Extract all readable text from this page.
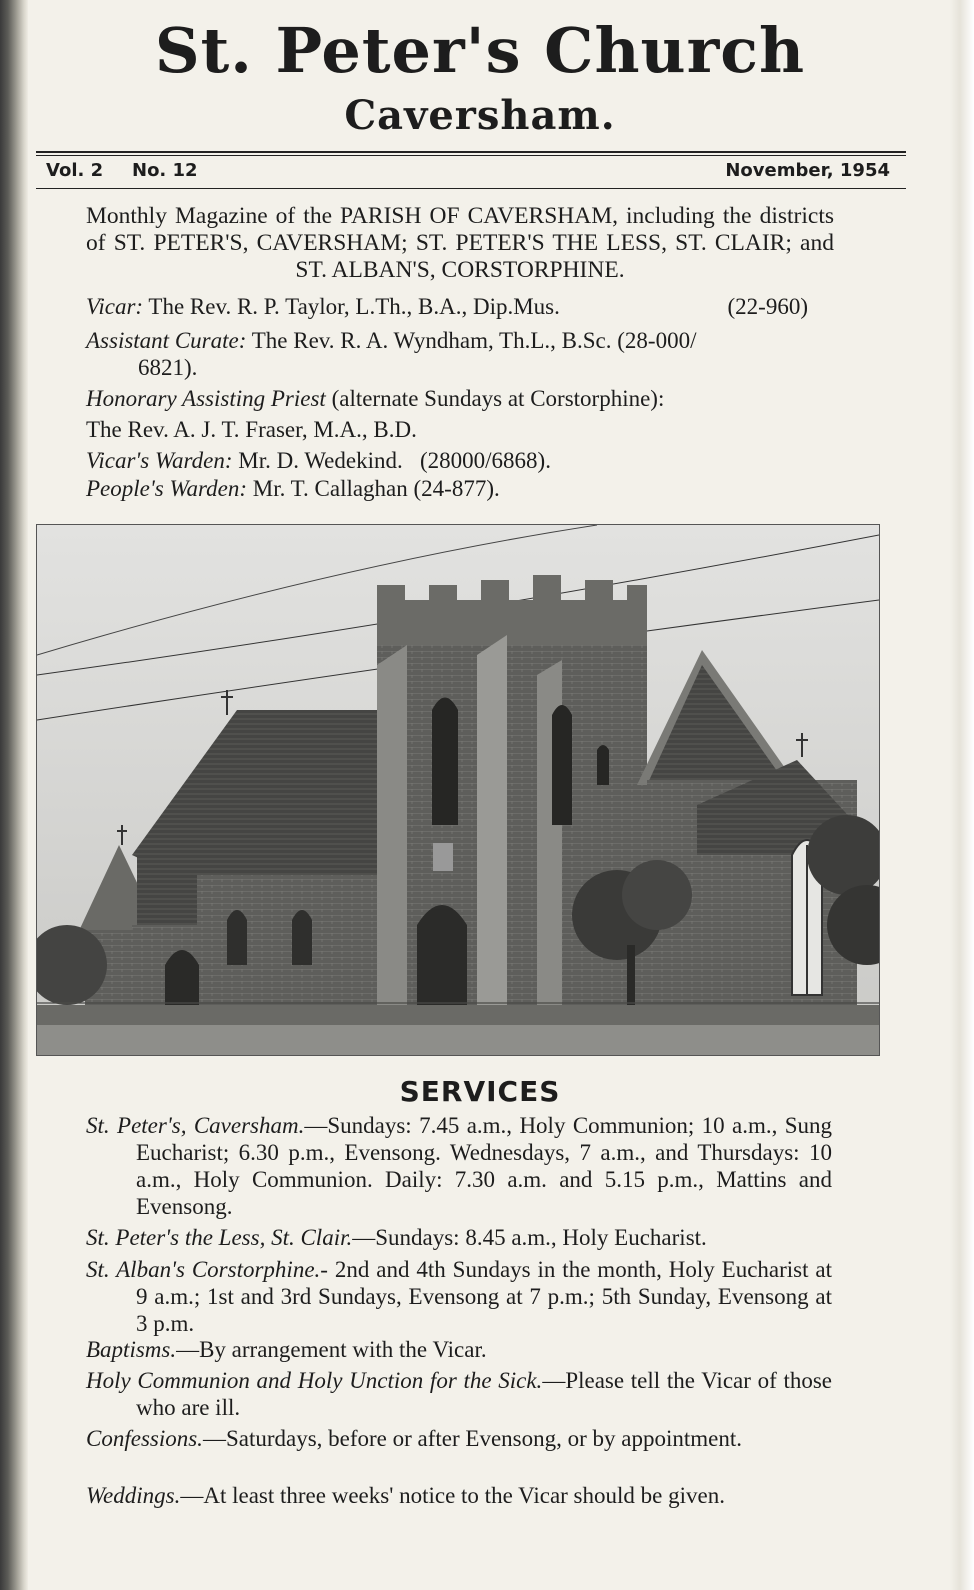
St. Peter's Church
Caversham.
Vol. 2 No. 12	November, 1954
Monthly Magazine of the PARISH OF CAVERSHAM, including the districts of ST. PETER'S, CAVERSHAM; ST. PETER'S THE LESS, ST. CLAIR; and ST. ALBAN'S, CORSTORPHINE.
Vicar: The Rev. R. P. Taylor, L.Th., B.A., Dip.Mus.	(22-960)
Assistant Curate: The Rev. R. A. Wyndham, Th.L., B.Sc. (28-000/
6821).
Honorary Assisting Priest (alternate Sundays at Corstorphine):
The Rev. A. J. T. Fraser, M.A., B.D.
Vicar's Warden: Mr. D. Wedekind. (28000/6868).
People's Warden: Mr. T. Callaghan (24-877).
SERVICES

St. Peter's, Caversham.—Sundays: 7.45 a.m., Holy Communion; 10 a.m., Sung Eucharist; 6.30 p.m., Evensong. Wednesdays, 7 a.m., and Thursdays: 10 a.m., Holy Communion. Daily: 7.30 a.m. and 5.15 p.m., Mattins and Evensong.

St. Peter's the Less, St. Clair.—Sundays: 8.45 a.m., Holy Eucharist.

St. Alban's Corstorphine.- 2nd and 4th Sundays in the month, Holy Eucharist at 9 a.m.; 1st and 3rd Sundays, Evensong at 7 p.m.; 5th Sunday, Evensong at 3 p.m.

Baptisms.—By arrangement with the Vicar.

Holy Communion and Holy Unction for the Sick.—Please tell the Vicar of those who are ill.

Confessions.—Saturdays, before or after Evensong, or by appointment.

Weddings.—At least three weeks' notice to the Vicar should be given.
